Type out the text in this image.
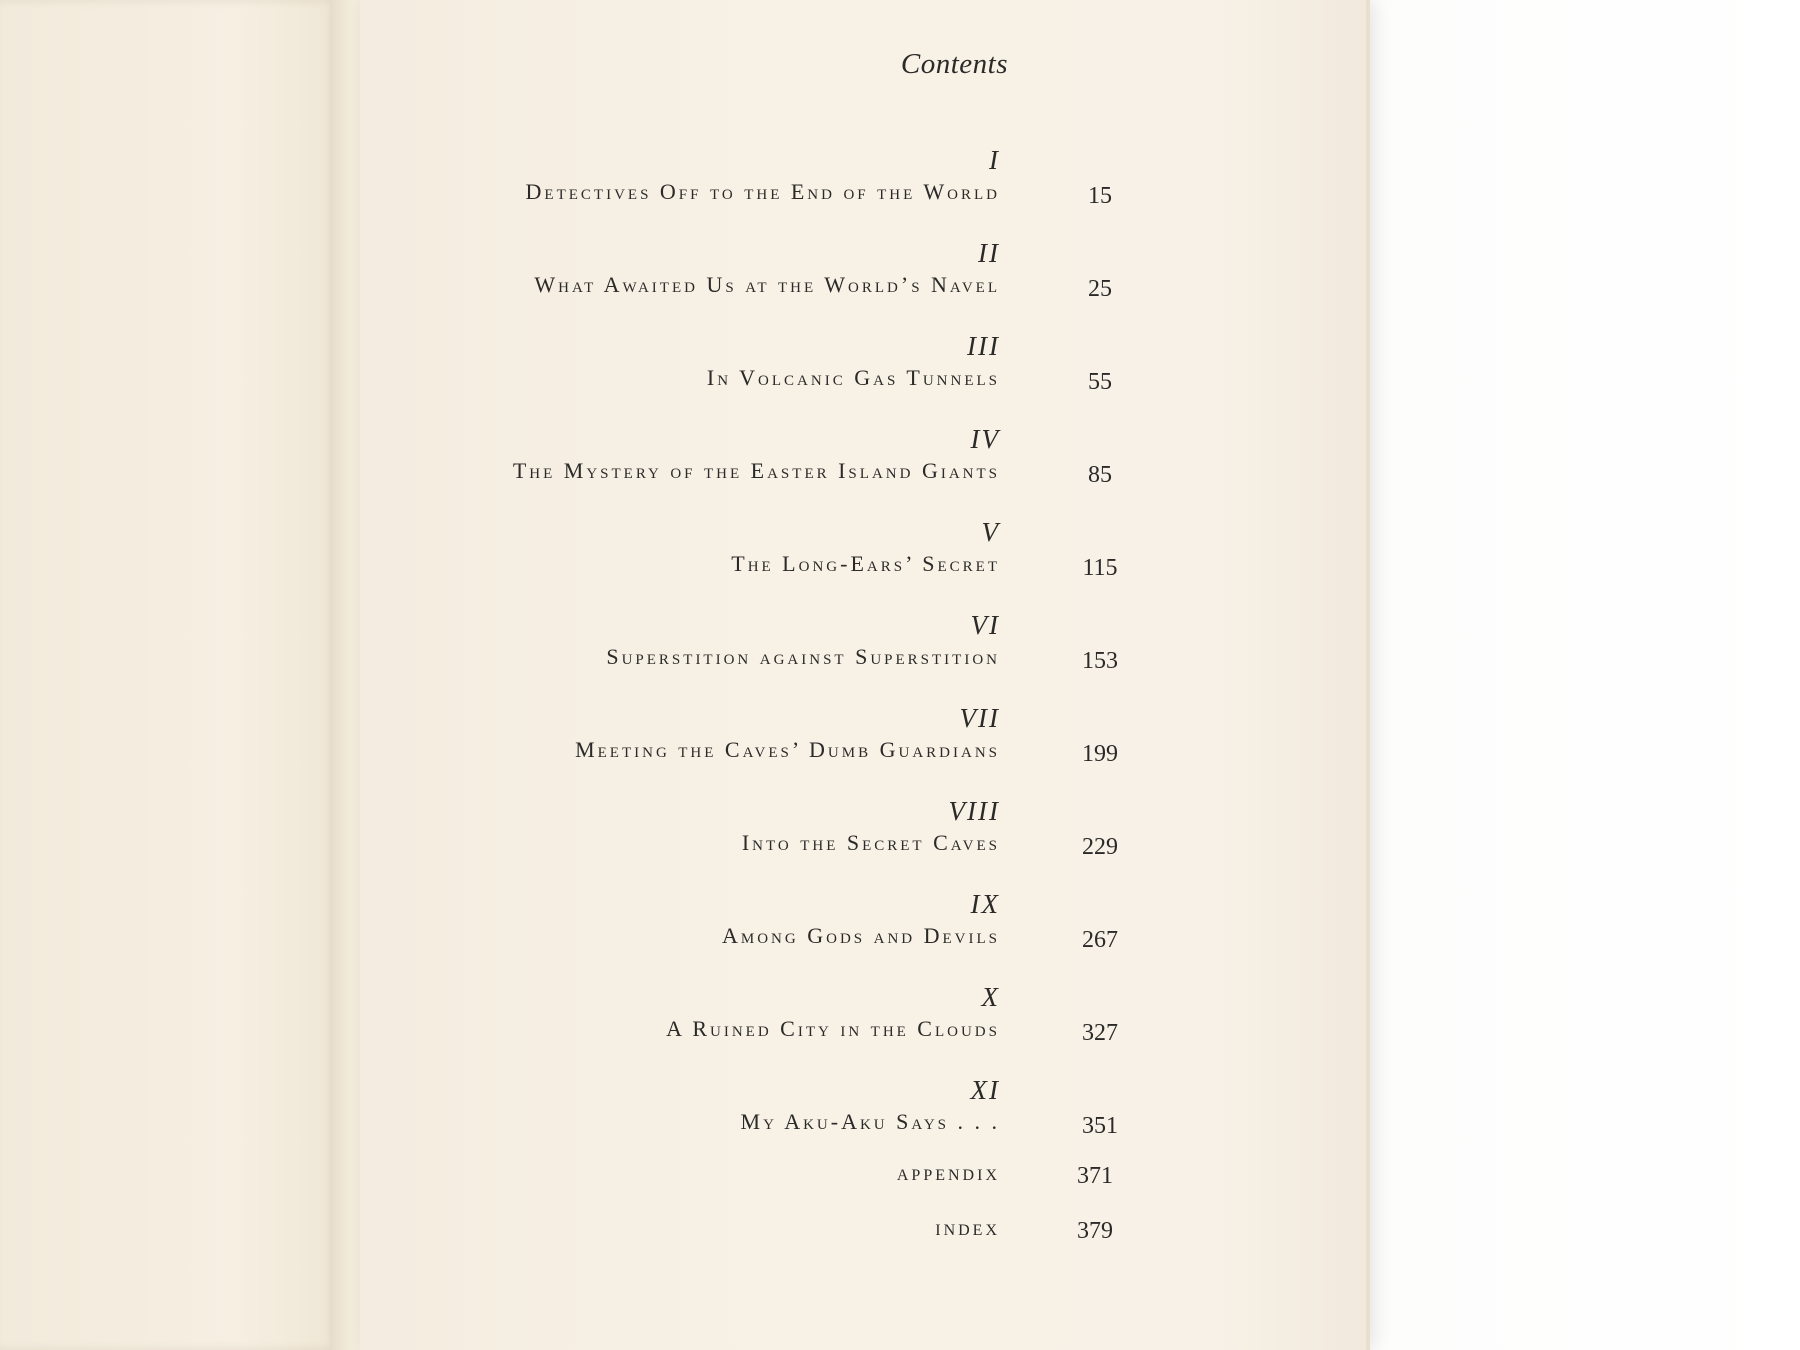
Contents
I
Detectives Off to the End of the World	15
II
What Awaited Us at the World’s Navel	25
III
In Volcanic Gas Tunnels	55
IV
The Mystery of the Easter Island Giants	85
V
The Long-Ears’ Secret	115
VI
Superstition against Superstition	153
VII
Meeting the Caves’ Dumb Guardians	199
VIII
Into the Secret Caves	229
IX
Among Gods and Devils	267
X
A Ruined City in the Clouds	327
XI
My Aku-Aku Says . . .	351
APPENDIX	371
INDEX	379
